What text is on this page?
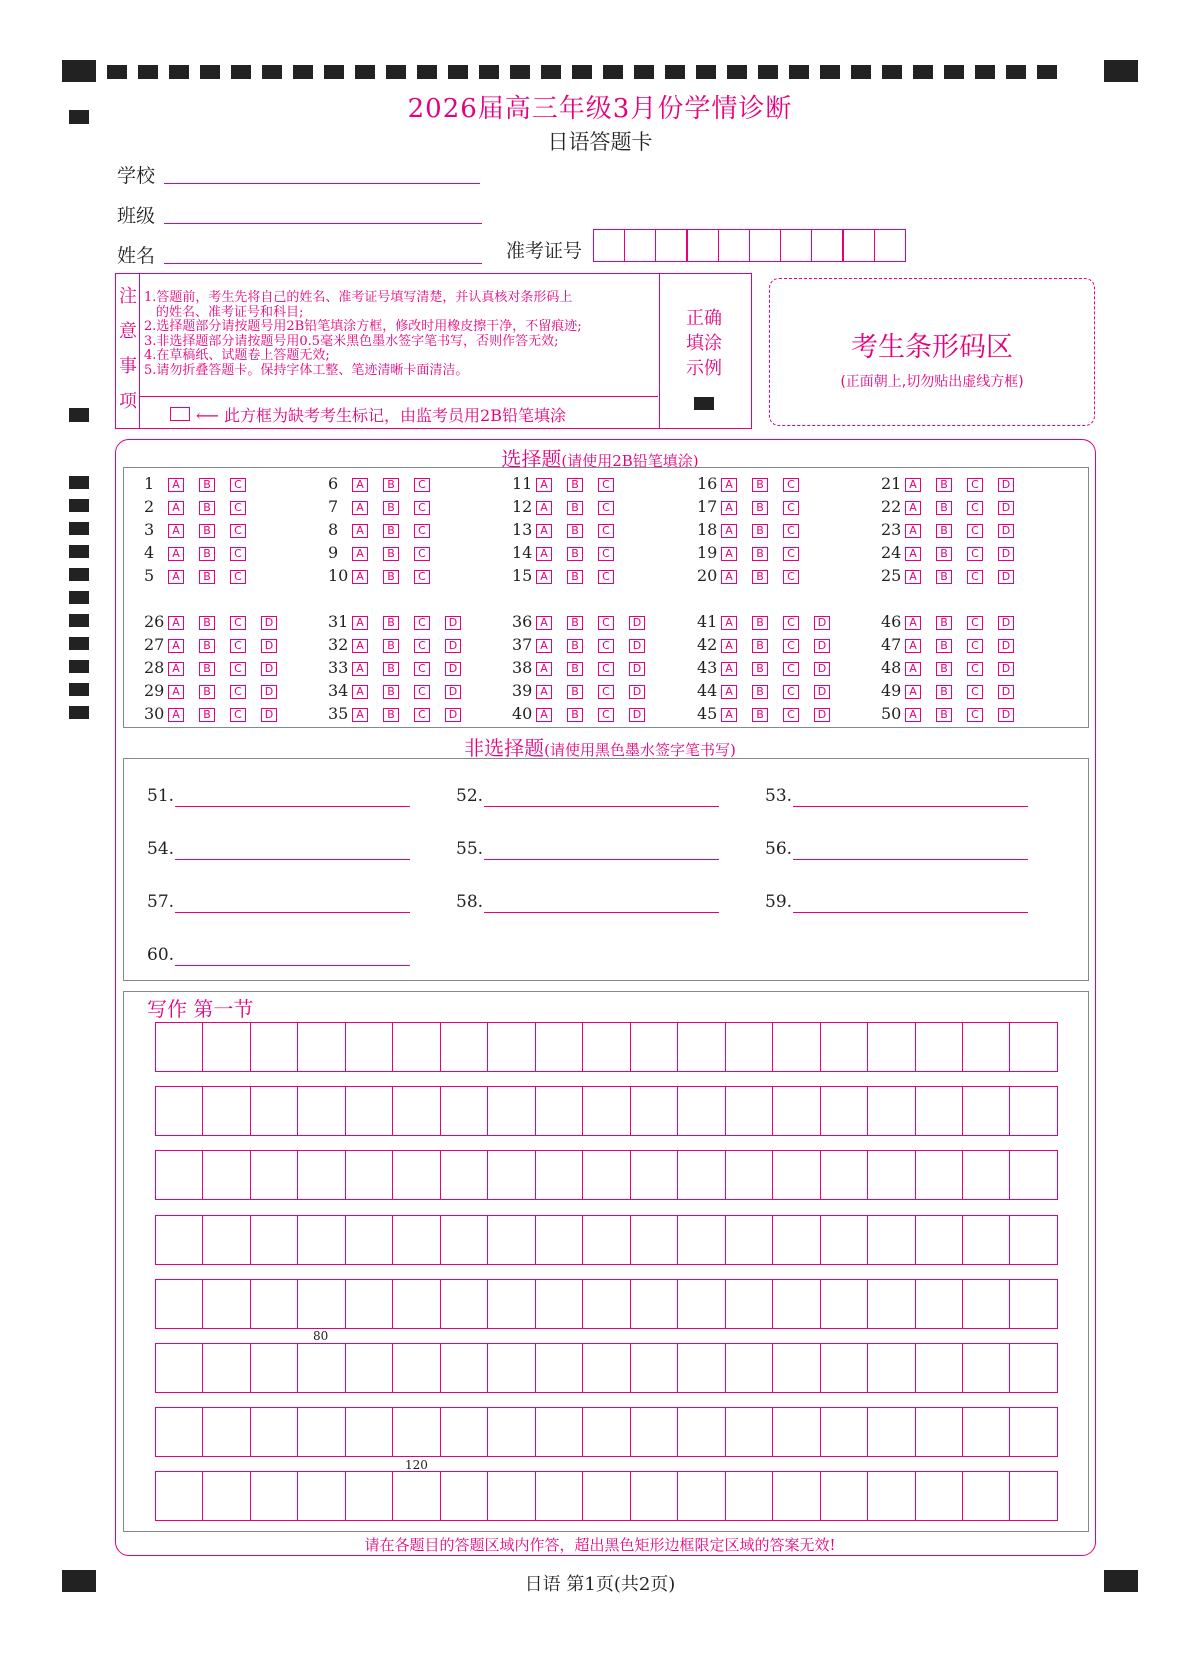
2026届高三年级3月份学情诊断
日语答题卡
学校
班级
姓名	准考证号
注
意
事
项
1.答题前，考生先将自己的姓名、准考证号填写清楚，并认真核对条形码上
的姓名、准考证号和科目;
2.选择题部分请按题号用2B铅笔填涂方框，修改时用橡皮擦干净，不留痕迹;
3.非选择题部分请按题号用0.5毫米黑色墨水签字笔书写，否则作答无效;
4.在草稿纸、试题卷上答题无效;
5.请勿折叠答题卡。保持字体工整、笔迹清晰卡面清洁。
正确
填涂
示例
⟵ 此方框为缺考考生标记，由监考员用2B铅笔填涂
考生条形码区
(正面朝上,切勿贴出虚线方框)
选择题(请使用2B铅笔填涂)
1 A B C
2 A B C
3 A B C
4 A B C
5 A B C
6 A B C
7 A B C
8 A B C
9 A B C
10 A B C
11 A B C
12 A B C
13 A B C
14 A B C
15 A B C
16 A B C
17 A B C
18 A B C
19 A B C
20 A B C
21 A B C D
22 A B C D
23 A B C D
24 A B C D
25 A B C D
26 A B C D
27 A B C D
28 A B C D
29 A B C D
30 A B C D
31 A B C D
32 A B C D
33 A B C D
34 A B C D
35 A B C D
36 A B C D
37 A B C D
38 A B C D
39 A B C D
40 A B C D
41 A B C D
42 A B C D
43 A B C D
44 A B C D
45 A B C D
46 A B C D
47 A B C D
48 A B C D
49 A B C D
50 A B C D
非选择题(请使用黑色墨水签字笔书写)
51.	52.	53.
54.	55.	56.
57.	58.	59.
60.
写作 第一节
80
120
请在各题目的答题区域内作答，超出黑色矩形边框限定区域的答案无效!
日语 第1页(共2页)
